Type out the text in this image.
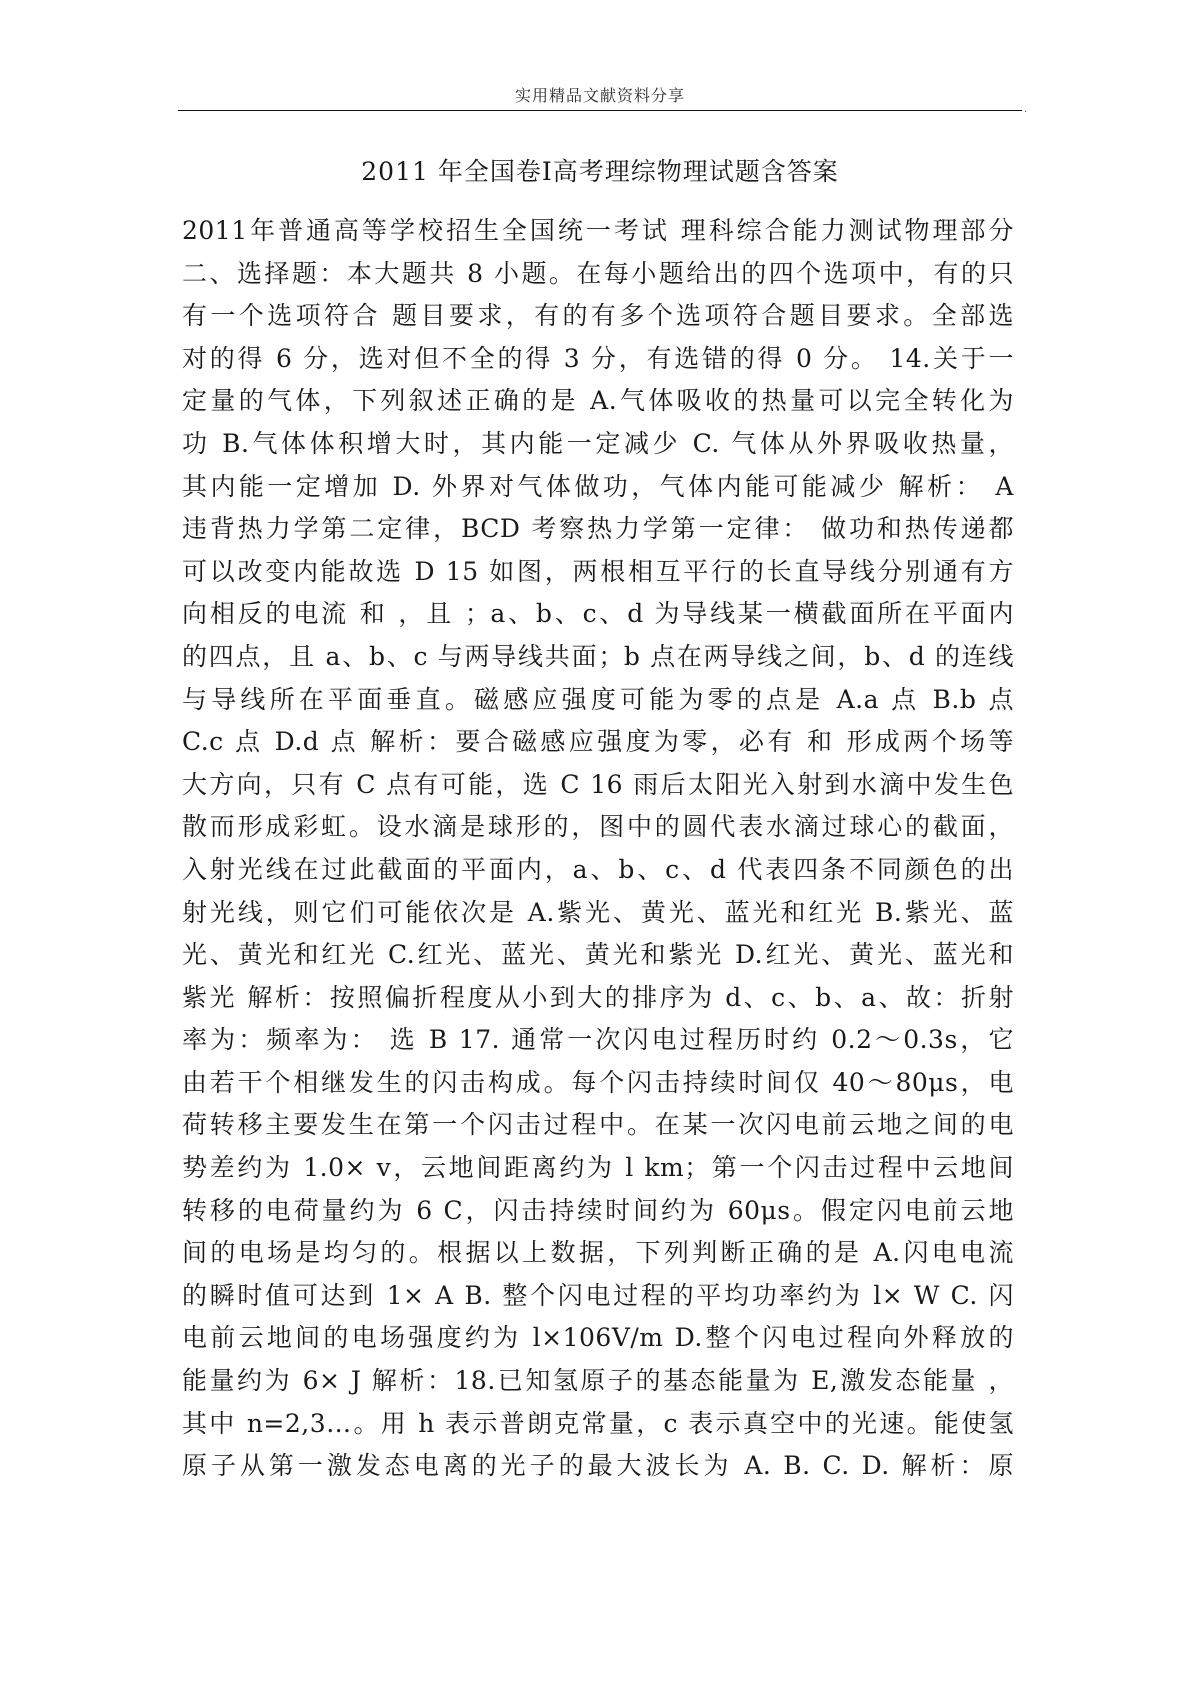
实用精品文献资料分享
.
2011 年全国卷Ⅰ高考理综物理试题含答案
2011年普通高等学校招生全国统一考试 理科综合能力测试物理部分
二、选择题：本大题共 8 小题。在每小题给出的四个选项中，有的只
有一个选项符合 题目要求，有的有多个选项符合题目要求。全部选
对的得 6 分，选对但不全的得 3 分，有选错的得 0 分。 14.关于一
定量的气体，下列叙述正确的是 A.气体吸收的热量可以完全转化为
功 B.气体体积增大时，其内能一定减少 C. 气体从外界吸收热量，
其内能一定增加 D. 外界对气体做功，气体内能可能减少 解析： A
违背热力学第二定律，BCD 考察热力学第一定律： 做功和热传递都
可以改变内能故选 D 15 如图，两根相互平行的长直导线分别通有方
向相反的电流 和 ，且 ；a、b、c、d 为导线某一横截面所在平面内
的四点，且 a、b、c 与两导线共面；b 点在两导线之间，b、d 的连线
与导线所在平面垂直。磁感应强度可能为零的点是 A.a 点 B.b 点
C.c 点 D.d 点 解析：要合磁感应强度为零，必有 和 形成两个场等
大方向，只有 C 点有可能，选 C 16 雨后太阳光入射到水滴中发生色
散而形成彩虹。设水滴是球形的，图中的圆代表水滴过球心的截面，
入射光线在过此截面的平面内，a、b、c、d 代表四条不同颜色的出
射光线，则它们可能依次是 A.紫光、黄光、蓝光和红光 B.紫光、蓝
光、黄光和红光 C.红光、蓝光、黄光和紫光 D.红光、黄光、蓝光和
紫光 解析：按照偏折程度从小到大的排序为 d、c、b、a、故：折射
率为：频率为： 选 B 17. 通常一次闪电过程历时约 0.2～0.3s，它
由若干个相继发生的闪击构成。每个闪击持续时间仅 40～80μs，电
荷转移主要发生在第一个闪击过程中。在某一次闪电前云地之间的电
势差约为 1.0× v，云地间距离约为 l km；第一个闪击过程中云地间
转移的电荷量约为 6 C，闪击持续时间约为 60μs。假定闪电前云地
间的电场是均匀的。根据以上数据，下列判断正确的是 A.闪电电流
的瞬时值可达到 1× A B. 整个闪电过程的平均功率约为 l× W C. 闪
电前云地间的电场强度约为 l×106V/m D.整个闪电过程向外释放的
能量约为 6× J 解析：18.已知氢原子的基态能量为 E,激发态能量 ，
其中 n=2,3…。用 h 表示普朗克常量，c 表示真空中的光速。能使氢
原子从第一激发态电离的光子的最大波长为 A. B. C. D. 解析：原
